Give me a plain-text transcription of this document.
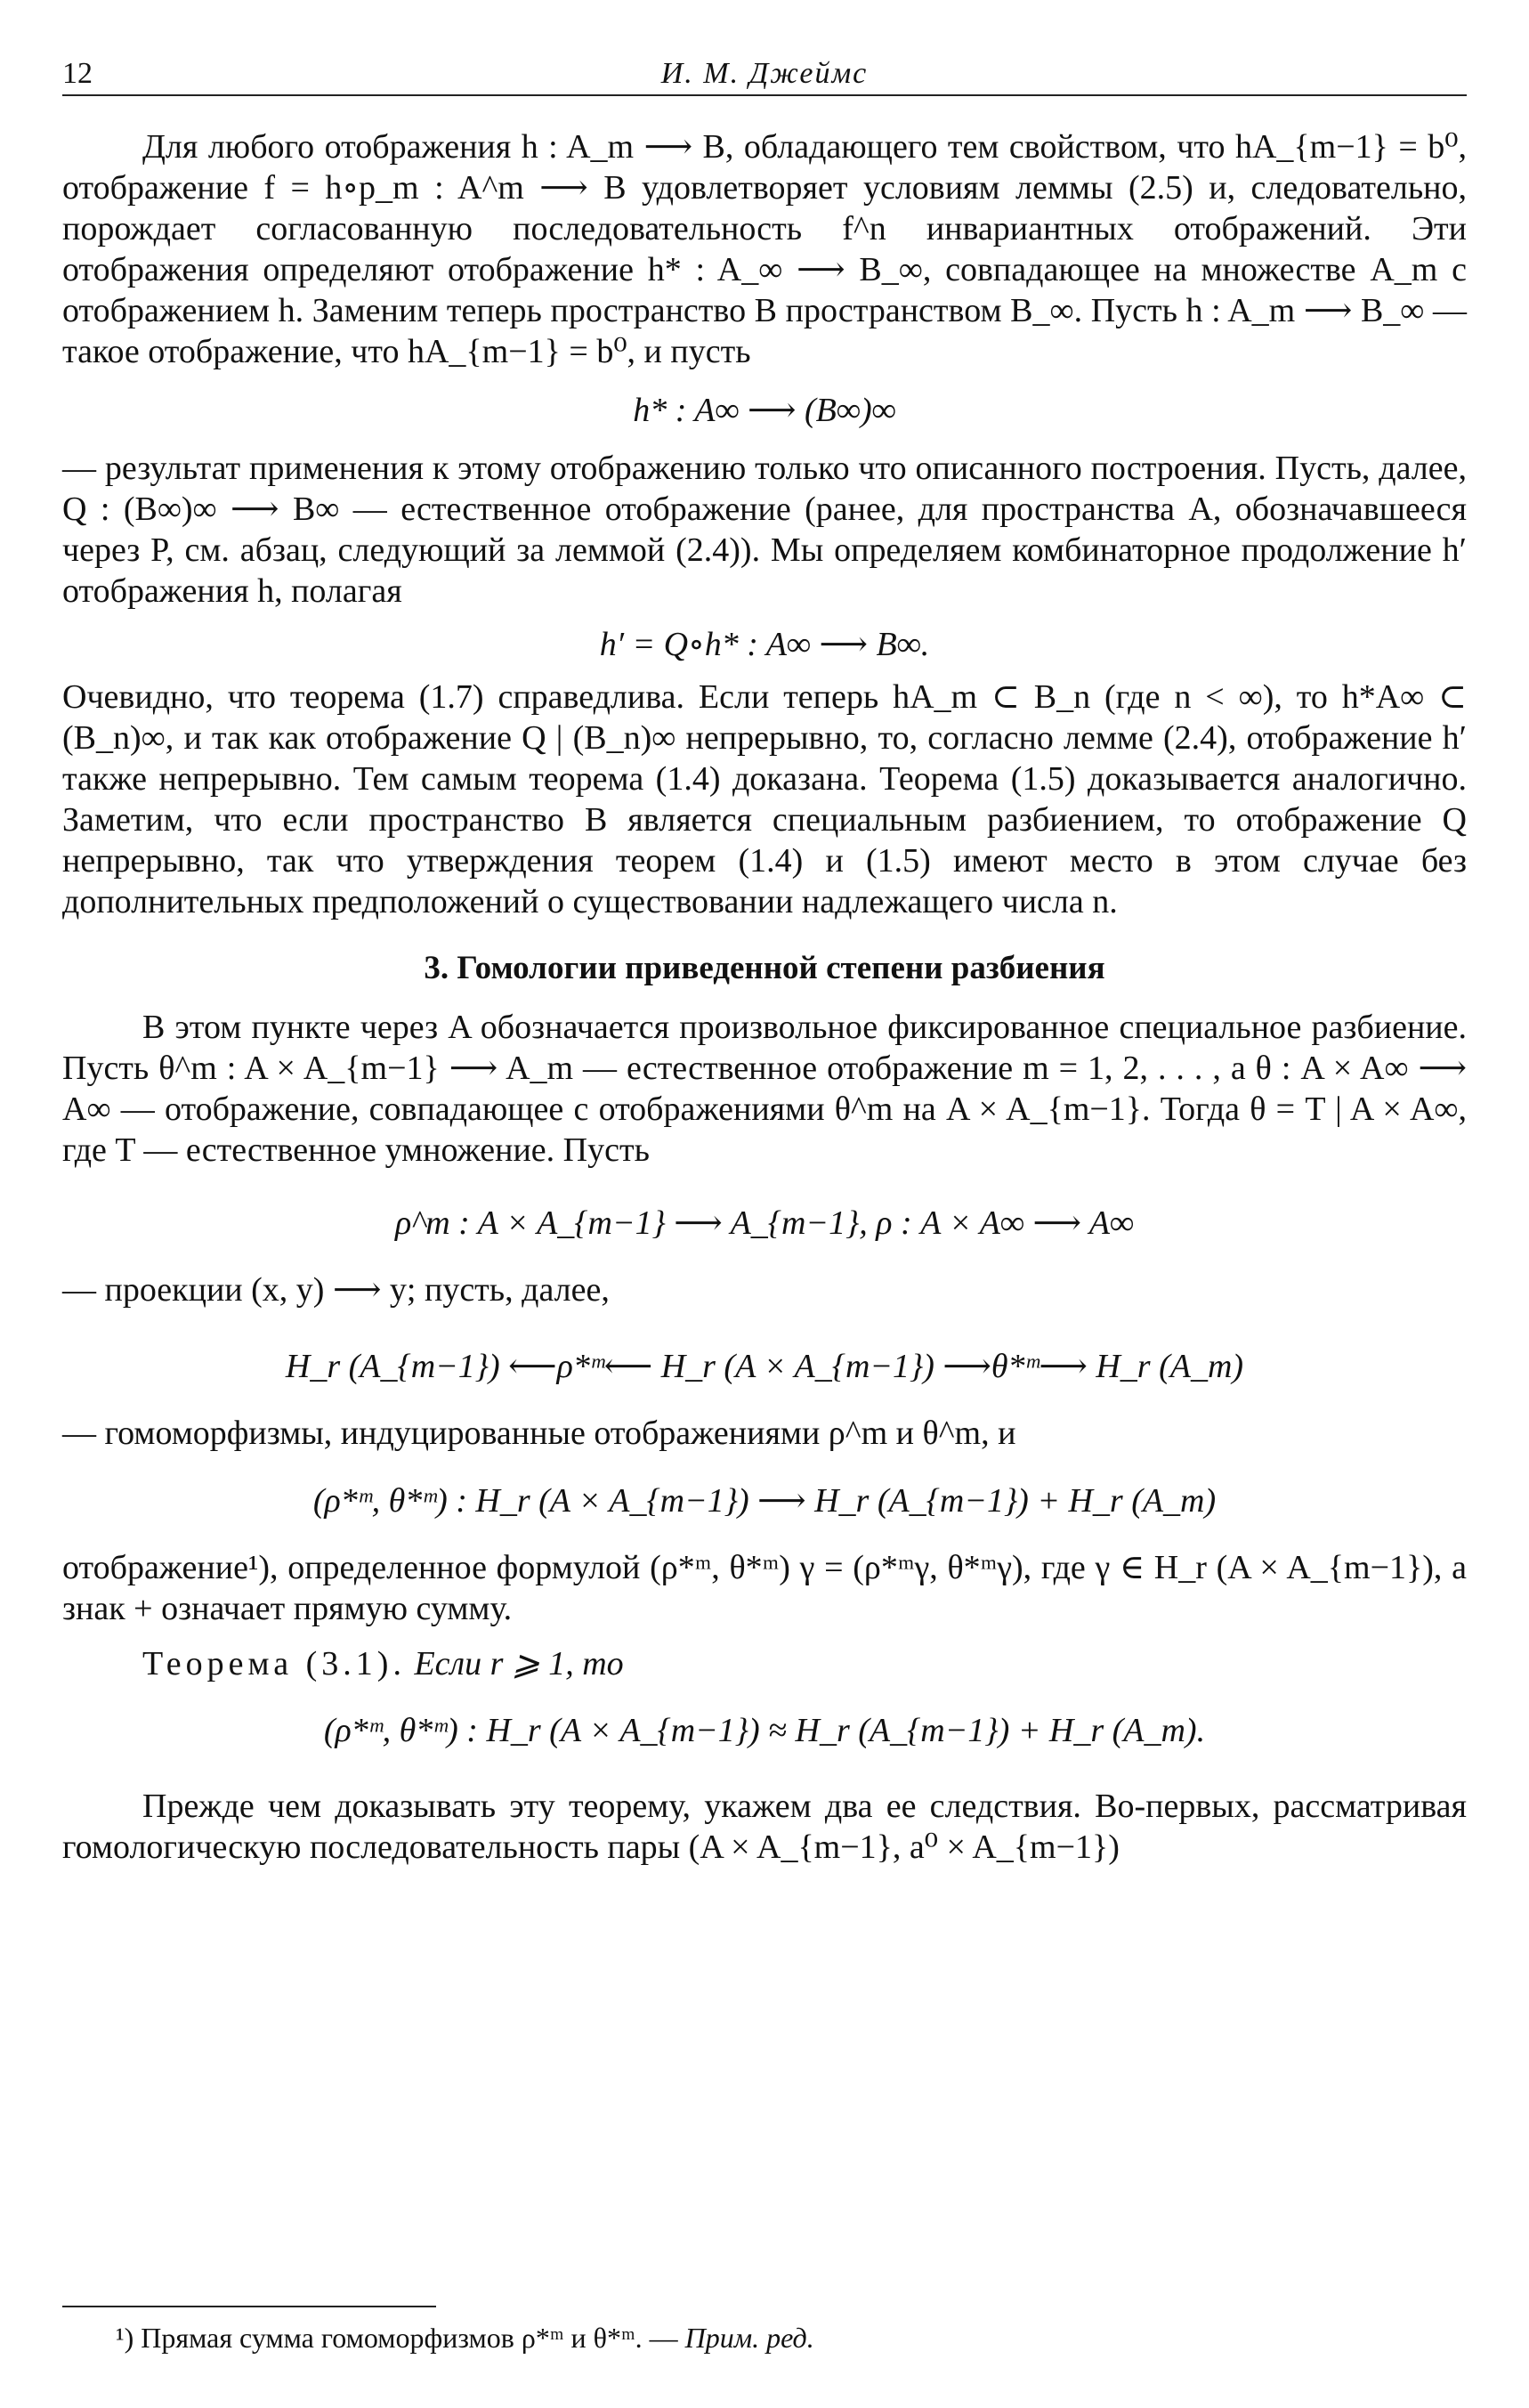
12	И. М. Джеймс

Для любого отображения h : A_m ⟶ B, обладающего тем свойством, что hA_{m−1} = b⁰, отображение f = h∘p_m : A^m ⟶ B удовлетворяет условиям леммы (2.5) и, следовательно, порождает согласованную последовательность f^n инвариантных отображений. Эти отображения определяют отображение h* : A_∞ ⟶ B_∞, совпадающее на множестве A_m с отображением h. Заменим теперь пространство B пространством B_∞. Пусть h : A_m ⟶ B_∞ — такое отображение, что hA_{m−1} = b⁰, и пусть

h* : A∞ ⟶ (B∞)∞

— результат применения к этому отображению только что описанного построения. Пусть, далее, Q : (B∞)∞ ⟶ B∞ — естественное отображение (ранее, для пространства A, обозначавшееся через P, см. абзац, следующий за леммой (2.4)). Мы определяем комбинаторное продолжение h′ отображения h, полагая

h′ = Q∘h* : A∞ ⟶ B∞.

Очевидно, что теорема (1.7) справедлива. Если теперь hA_m ⊂ B_n (где n < ∞), то h*A∞ ⊂ (B_n)∞, и так как отображение Q | (B_n)∞ непрерывно, то, согласно лемме (2.4), отображение h′ также непрерывно. Тем самым теорема (1.4) доказана. Теорема (1.5) доказывается аналогично. Заметим, что если пространство B является специальным разбиением, то отображение Q непрерывно, так что утверждения теорем (1.4) и (1.5) имеют место в этом случае без дополнительных предположений о существовании надлежащего числа n.

3. Гомологии приведенной степени разбиения

В этом пункте через A обозначается произвольное фиксированное специальное разбиение. Пусть θ^m : A × A_{m−1} ⟶ A_m — естественное отображение m = 1, 2, . . . , а θ : A × A∞ ⟶ A∞ — отображение, совпадающее с отображениями θ^m на A × A_{m−1}. Тогда θ = T | A × A∞, где T — естественное умножение. Пусть

ρ^m : A × A_{m−1} ⟶ A_{m−1}, ρ : A × A∞ ⟶ A∞

— проекции (x, y) ⟶ y; пусть, далее,

H_r (A_{m−1}) ⟵ρ*ᵐ⟵ H_r (A × A_{m−1}) ⟶θ*ᵐ⟶ H_r (A_m)

— гомоморфизмы, индуцированные отображениями ρ^m и θ^m, и

(ρ*ᵐ, θ*ᵐ) : H_r (A × A_{m−1}) ⟶ H_r (A_{m−1}) + H_r (A_m)

отображение¹), определенное формулой (ρ*ᵐ, θ*ᵐ) γ = (ρ*ᵐγ, θ*ᵐγ), где γ ∈ H_r (A × A_{m−1}), а знак + означает прямую сумму.

Теорема (3.1). Если r ⩾ 1, то

(ρ*ᵐ, θ*ᵐ) : H_r (A × A_{m−1}) ≈ H_r (A_{m−1}) + H_r (A_m).

Прежде чем доказывать эту теорему, укажем два ее следствия. Во-первых, рассматривая гомологическую последовательность пары (A × A_{m−1}, a⁰ × A_{m−1})

¹) Прямая сумма гомоморфизмов ρ*ᵐ и θ*ᵐ. — Прим. ред.
